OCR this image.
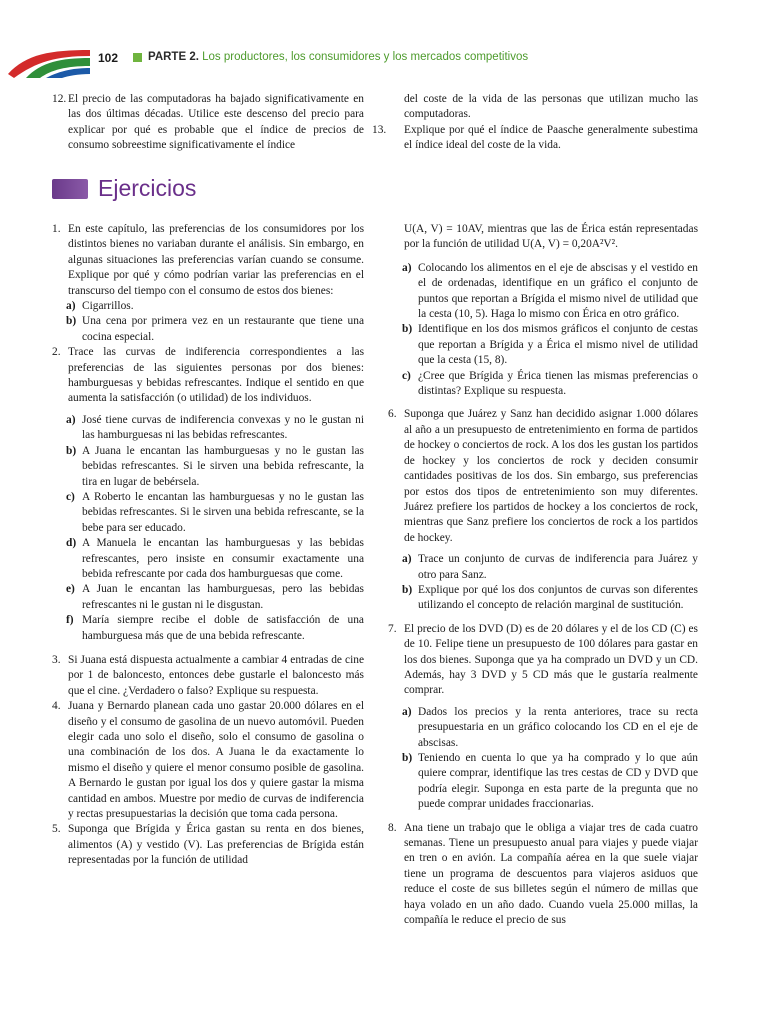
102	PARTE 2. Los productores, los consumidores y los mercados competitivos
12. El precio de las computadoras ha bajado significativamente en las dos últimas décadas. Utilice este descenso del precio para explicar por qué es probable que el índice de precios de consumo sobreestime significativamente el índice

del coste de la vida de las personas que utilizan mucho las computadoras.

13. Explique por qué el índice de Paasche generalmente subestima el índice ideal del coste de la vida.

Ejercicios
1. En este capítulo, las preferencias de los consumidores por los distintos bienes no variaban durante el análisis. Sin embargo, en algunas situaciones las preferencias varían cuando se consume. Explique por qué y cómo podrían variar las preferencias en el transcurso del tiempo con el consumo de estos dos bienes:

a) Cigarrillos.

b) Una cena por primera vez en un restaurante que tiene una cocina especial.

2. Trace las curvas de indiferencia correspondientes a las preferencias de las siguientes personas por dos bienes: hamburguesas y bebidas refrescantes. Indique el sentido en que aumenta la satisfacción (o utilidad) de los individuos.

a) José tiene curvas de indiferencia convexas y no le gustan ni las hamburguesas ni las bebidas refrescantes.

b) A Juana le encantan las hamburguesas y no le gustan las bebidas refrescantes. Si le sirven una bebida refrescante, la tira en lugar de bebérsela.

c) A Roberto le encantan las hamburguesas y no le gustan las bebidas refrescantes. Si le sirven una bebida refrescante, se la bebe para ser educado.

d) A Manuela le encantan las hamburguesas y las bebidas refrescantes, pero insiste en consumir exactamente una bebida refrescante por cada dos hamburguesas que come.

e) A Juan le encantan las hamburguesas, pero las bebidas refrescantes ni le gustan ni le disgustan.

f) María siempre recibe el doble de satisfacción de una hamburguesa más que de una bebida refrescante.

3. Si Juana está dispuesta actualmente a cambiar 4 entradas de cine por 1 de baloncesto, entonces debe gustarle el baloncesto más que el cine. ¿Verdadero o falso? Explique su respuesta.

4. Juana y Bernardo planean cada uno gastar 20.000 dólares en el diseño y el consumo de gasolina de un nuevo automóvil. Pueden elegir cada uno solo el diseño, solo el consumo de gasolina o una combinación de los dos. A Juana le da exactamente lo mismo el diseño y quiere el menor consumo posible de gasolina. A Bernardo le gustan por igual los dos y quiere gastar la misma cantidad en ambos. Muestre por medio de curvas de indiferencia y rectas presupuestarias la decisión que toma cada persona.

5. Suponga que Brígida y Érica gastan su renta en dos bienes, alimentos (A) y vestido (V). Las preferencias de Brígida están representadas por la función de utilidad

U(A, V) = 10AV, mientras que las de Érica están representadas por la función de utilidad U(A, V) = 0,20A²V².

a) Colocando los alimentos en el eje de abscisas y el vestido en el de ordenadas, identifique en un gráfico el conjunto de puntos que reportan a Brígida el mismo nivel de utilidad que la cesta (10, 5). Haga lo mismo con Érica en otro gráfico.

b) Identifique en los dos mismos gráficos el conjunto de cestas que reportan a Brígida y a Érica el mismo nivel de utilidad que la cesta (15, 8).

c) ¿Cree que Brígida y Érica tienen las mismas preferencias o distintas? Explique su respuesta.

6. Suponga que Juárez y Sanz han decidido asignar 1.000 dólares al año a un presupuesto de entretenimiento en forma de partidos de hockey o conciertos de rock. A los dos les gustan los partidos de hockey y los conciertos de rock y deciden consumir cantidades positivas de los dos. Sin embargo, sus preferencias por estos dos tipos de entretenimiento son muy diferentes. Juárez prefiere los partidos de hockey a los conciertos de rock, mientras que Sanz prefiere los conciertos de rock a los partidos de hockey.

a) Trace un conjunto de curvas de indiferencia para Juárez y otro para Sanz.

b) Explique por qué los dos conjuntos de curvas son diferentes utilizando el concepto de relación marginal de sustitución.

7. El precio de los DVD (D) es de 20 dólares y el de los CD (C) es de 10. Felipe tiene un presupuesto de 100 dólares para gastar en los dos bienes. Suponga que ya ha comprado un DVD y un CD. Además, hay 3 DVD y 5 CD más que le gustaría realmente comprar.

a) Dados los precios y la renta anteriores, trace su recta presupuestaria en un gráfico colocando los CD en el eje de abscisas.

b) Teniendo en cuenta lo que ya ha comprado y lo que aún quiere comprar, identifique las tres cestas de CD y DVD que podría elegir. Suponga en esta parte de la pregunta que no puede comprar unidades fraccionarias.

8. Ana tiene un trabajo que le obliga a viajar tres de cada cuatro semanas. Tiene un presupuesto anual para viajes y puede viajar en tren o en avión. La compañía aérea en la que suele viajar tiene un programa de descuentos para viajeros asiduos que reduce el coste de sus billetes según el número de millas que haya volado en un año dado. Cuando vuela 25.000 millas, la compañía le reduce el precio de sus
